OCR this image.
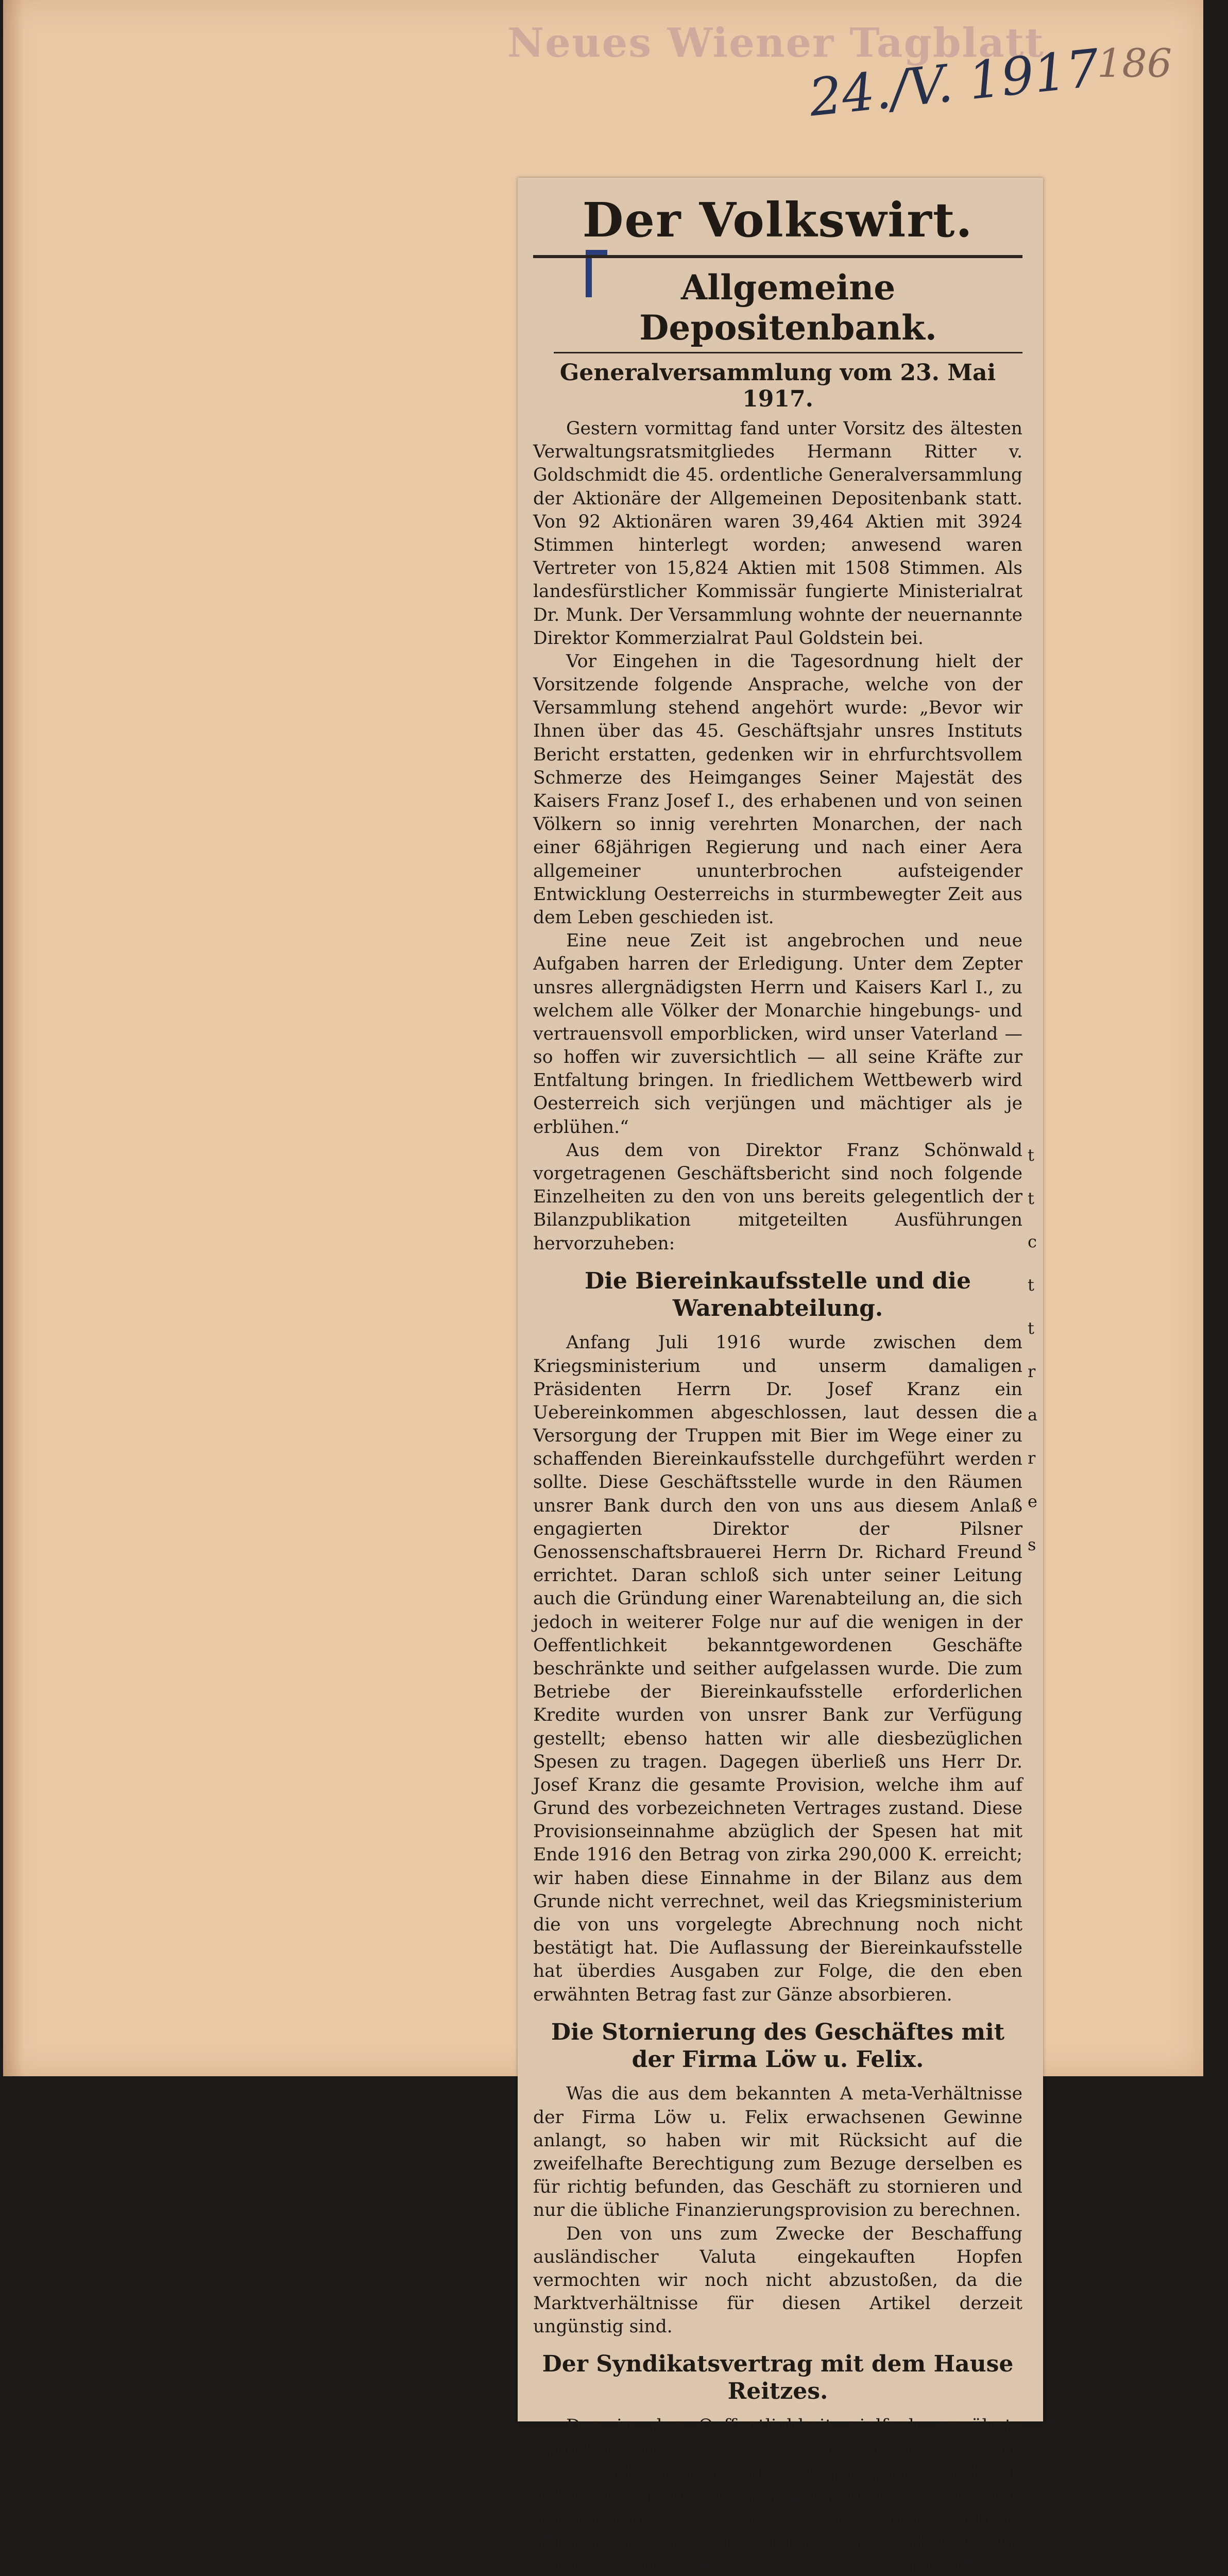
Neues Wiener Tagblatt
24./V. 1917
186
Der Volkswirt.
Allgemeine Depositenbank.
Generalversammlung vom 23. Mai 1917.

Gestern vormittag fand unter Vorsitz des ältesten Verwaltungsratsmitgliedes Hermann Ritter v. Goldschmidt die 45. ordentliche Generalversammlung der Aktionäre der Allgemeinen Depositenbank statt. Von 92 Aktionären waren 39,464 Aktien mit 3924 Stimmen hinterlegt worden; anwesend waren Vertreter von 15,824 Aktien mit 1508 Stimmen. Als landesfürstlicher Kommissär fungierte Ministerialrat Dr. Munk. Der Versammlung wohnte der neuernannte Direktor Kommerzialrat Paul Goldstein bei.

Vor Eingehen in die Tagesordnung hielt der Vorsitzende folgende Ansprache, welche von der Versammlung stehend angehört wurde: „Bevor wir Ihnen über das 45. Geschäftsjahr unsres Instituts Bericht erstatten, gedenken wir in ehrfurchtsvollem Schmerze des Heimganges Seiner Majestät des Kaisers Franz Josef I., des erhabenen und von seinen Völkern so innig verehrten Monarchen, der nach einer 68jährigen Regierung und nach einer Aera allgemeiner ununterbrochen aufsteigender Entwicklung Oesterreichs in sturmbewegter Zeit aus dem Leben geschieden ist.

Eine neue Zeit ist angebrochen und neue Aufgaben harren der Erledigung. Unter dem Zepter unsres allergnädigsten Herrn und Kaisers Karl I., zu welchem alle Völker der Monarchie hingebungs- und vertrauensvoll emporblicken, wird unser Vaterland — so hoffen wir zuversichtlich — all seine Kräfte zur Entfaltung bringen. In friedlichem Wettbewerb wird Oesterreich sich verjüngen und mächtiger als je erblühen.“

Aus dem von Direktor Franz Schönwald vorgetragenen Geschäftsbericht sind noch folgende Einzelheiten zu den von uns bereits gelegentlich der Bilanzpublikation mitgeteilten Ausführungen hervorzuheben:

Die Biereinkaufsstelle und die Warenabteilung.

Anfang Juli 1916 wurde zwischen dem Kriegsministerium und unserm damaligen Präsidenten Herrn Dr. Josef Kranz ein Uebereinkommen abgeschlossen, laut dessen die Versorgung der Truppen mit Bier im Wege einer zu schaffenden Biereinkaufsstelle durchgeführt werden sollte. Diese Geschäftsstelle wurde in den Räumen unsrer Bank durch den von uns aus diesem Anlaß engagierten Direktor der Pilsner Genossenschaftsbrauerei Herrn Dr. Richard Freund errichtet. Daran schloß sich unter seiner Leitung auch die Gründung einer Warenabteilung an, die sich jedoch in weiterer Folge nur auf die wenigen in der Oeffentlichkeit bekanntgewordenen Geschäfte beschränkte und seither aufgelassen wurde. Die zum Betriebe der Biereinkaufsstelle erforderlichen Kredite wurden von unsrer Bank zur Verfügung gestellt; ebenso hatten wir alle diesbezüglichen Spesen zu tragen. Dagegen überließ uns Herr Dr. Josef Kranz die gesamte Provision, welche ihm auf Grund des vorbezeichneten Vertrages zustand. Diese Provisionseinnahme abzüglich der Spesen hat mit Ende 1916 den Betrag von zirka 290,000 K. erreicht; wir haben diese Einnahme in der Bilanz aus dem Grunde nicht verrechnet, weil das Kriegsministerium die von uns vorgelegte Abrechnung noch nicht bestätigt hat. Die Auflassung der Biereinkaufsstelle hat überdies Ausgaben zur Folge, die den eben erwähnten Betrag fast zur Gänze absorbieren.

Die Stornierung des Geschäftes mit der Firma Löw u. Felix.

Was die aus dem bekannten A meta-Verhältnisse der Firma Löw u. Felix erwachsenen Gewinne anlangt, so haben wir mit Rücksicht auf die zweifelhafte Berechtigung zum Bezuge derselben es für richtig befunden, das Geschäft zu stornieren und nur die übliche Finanzierungsprovision zu berechnen.

Den von uns zum Zwecke der Beschaffung ausländischer Valuta eingekauften Hopfen vermochten wir noch nicht abzustoßen, da die Marktverhältnisse für diesen Artikel derzeit ungünstig sind.

Der Syndikatsvertrag mit dem Hause Reitzes.

Der in der Oeffentlichkeit vielfach erwähnte Syndikatsvertrag mit dem Hause Gebrüder S. u. M. Reitzes ist im September vorigen Jahres zustande gekommen, jedoch nicht zur Anwendung gelangt. Die mit der genannten Firma abgeschlossenen Geschäfte fielen niemals in den Rahmen dieses Vertrages. Wir haben übrigens von der Fortsetzung des

t
t
c
t
t
r
a
r
e
s
